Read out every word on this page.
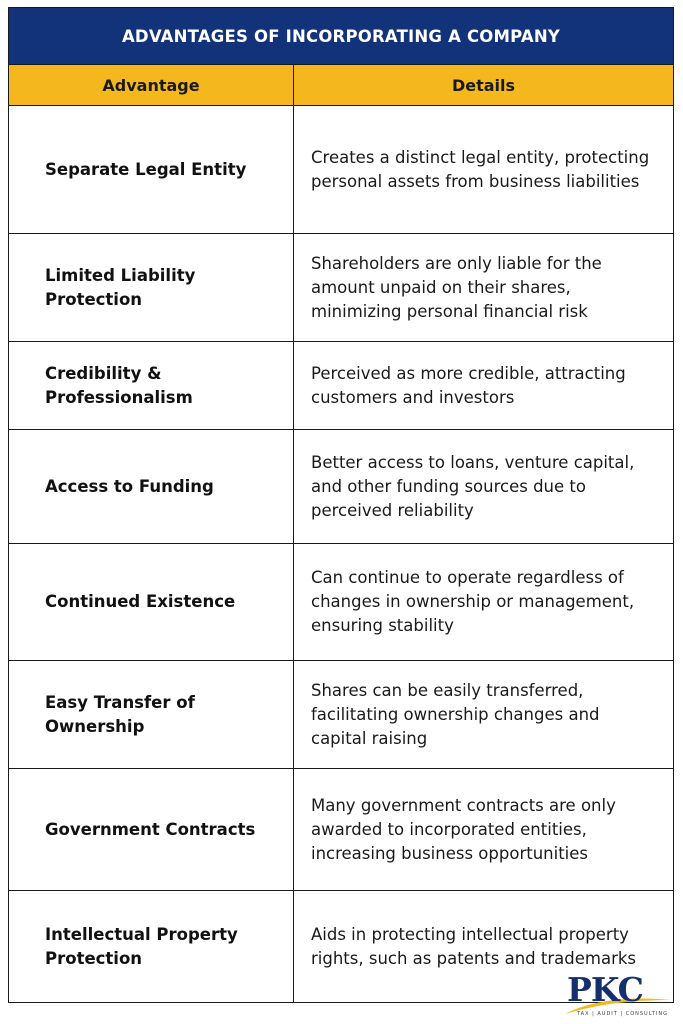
ADVANTAGES OF INCORPORATING A COMPANY
Advantage	Details
Separate Legal Entity
Creates a distinct legal entity, protecting personal assets from business liabilities
Limited Liability Protection
Shareholders are only liable for the amount unpaid on their shares, minimizing personal financial risk
Credibility & Professionalism
Perceived as more credible, attracting customers and investors
Access to Funding
Better access to loans, venture capital, and other funding sources due to perceived reliability
Continued Existence
Can continue to operate regardless of changes in ownership or management, ensuring stability
Easy Transfer of Ownership
Shares can be easily transferred, facilitating ownership changes and capital raising
Government Contracts
Many government contracts are only awarded to incorporated entities, increasing business opportunities
Intellectual Property Protection
Aids in protecting intellectual property rights, such as patents and trademarks
PKC
TAX | AUDIT | CONSULTING
